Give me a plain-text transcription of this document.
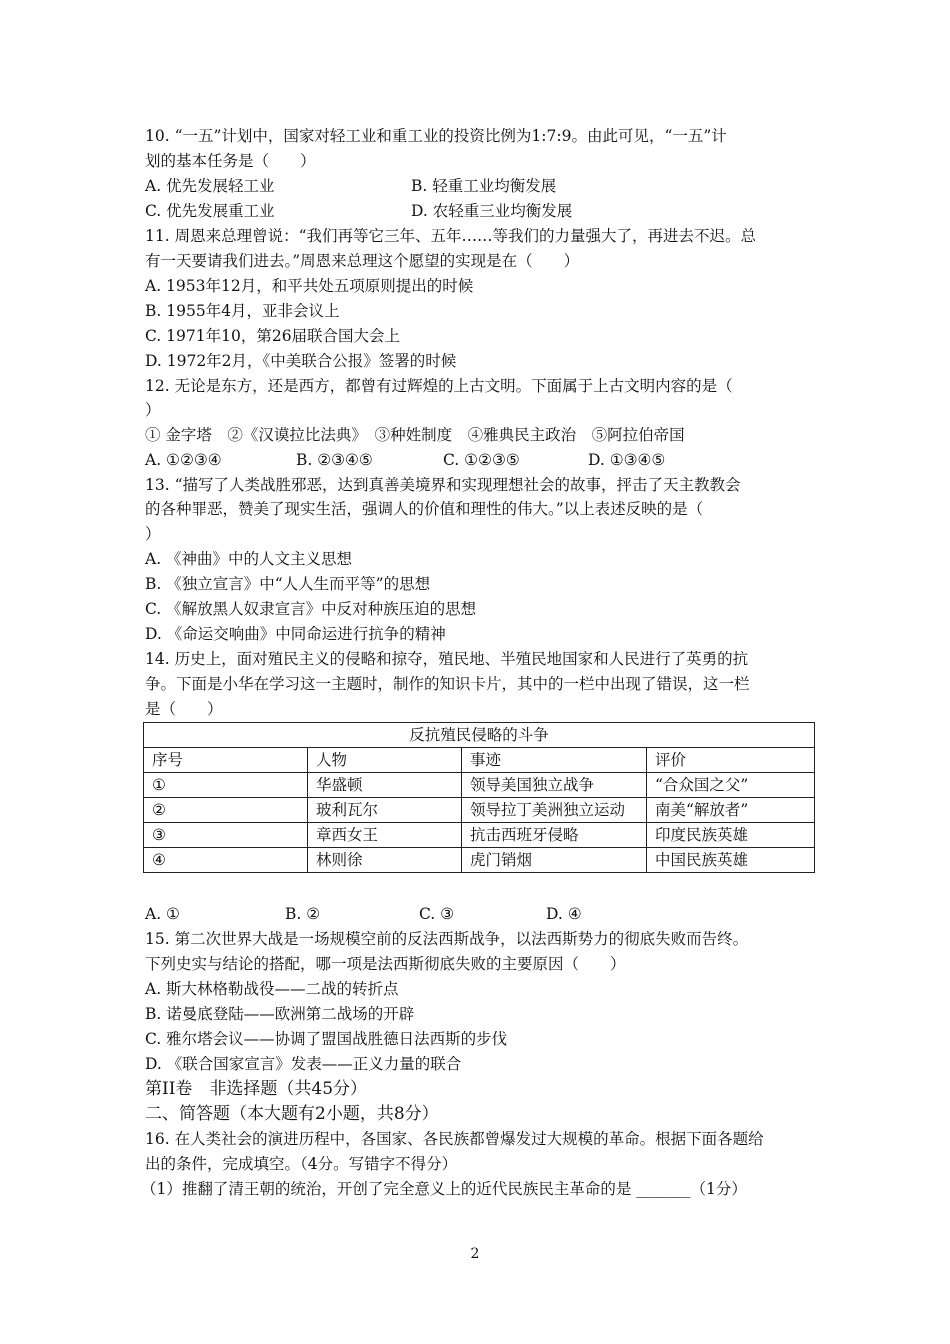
10. “一五”计划中，国家对轻工业和重工业的投资比例为1:7:9。由此可见，“一五”计
划的基本任务是（　　）
A. 优先发展轻工业	B. 轻重工业均衡发展
C. 优先发展重工业	D. 农轻重三业均衡发展
11. 周恩来总理曾说：“我们再等它三年、五年……等我们的力量强大了，再进去不迟。总
有一天要请我们进去。”周恩来总理这个愿望的实现是在（　　）
A. 1953年12月，和平共处五项原则提出的时候
B. 1955年4月，亚非会议上
C. 1971年10，第26届联合国大会上
D. 1972年2月，《中美联合公报》签署的时候
12. 无论是东方，还是西方，都曾有过辉煌的上古文明。下面属于上古文明内容的是（
）
① 金字塔　②《汉谟拉比法典》　③种姓制度　④雅典民主政治　⑤阿拉伯帝国
A. ①②③④	B. ②③④⑤	C. ①②③⑤	D. ①③④⑤
13. “描写了人类战胜邪恶，达到真善美境界和实现理想社会的故事，抨击了天主教教会
的各种罪恶，赞美了现实生活，强调人的价值和理性的伟大。”以上表述反映的是（
）
A. 《神曲》中的人文主义思想
B. 《独立宣言》中“人人生而平等”的思想
C. 《解放黑人奴隶宣言》中反对种族压迫的思想
D. 《命运交响曲》中同命运进行抗争的精神
14. 历史上，面对殖民主义的侵略和掠夺，殖民地、半殖民地国家和人民进行了英勇的抗
争。下面是小华在学习这一主题时，制作的知识卡片，其中的一栏中出现了错误，这一栏
是（　　）
反抗殖民侵略的斗争			
序号	人物	事迹	评价
①	华盛顿	领导美国独立战争	“合众国之父”
②	玻利瓦尔	领导拉丁美洲独立运动	南美“解放者”
③	章西女王	抗击西班牙侵略	印度民族英雄
④	林则徐	虎门销烟	中国民族英雄
A. ①	B. ②	C. ③	D. ④
15. 第二次世界大战是一场规模空前的反法西斯战争，以法西斯势力的彻底失败而告终。
下列史实与结论的搭配，哪一项是法西斯彻底失败的主要原因（　　）
A. 斯大林格勒战役——二战的转折点
B. 诺曼底登陆——欧洲第二战场的开辟
C. 雅尔塔会议——协调了盟国战胜德日法西斯的步伐
D. 《联合国家宣言》发表——正义力量的联合
第II卷　非选择题（共45分）
二、简答题（本大题有2小题，共8分）
16. 在人类社会的演进历程中，各国家、各民族都曾爆发过大规模的革命。根据下面各题给
出的条件，完成填空。（4分。写错字不得分）
（1）推翻了清王朝的统治，开创了完全意义上的近代民族民主革命的是 _______（1分）
2
